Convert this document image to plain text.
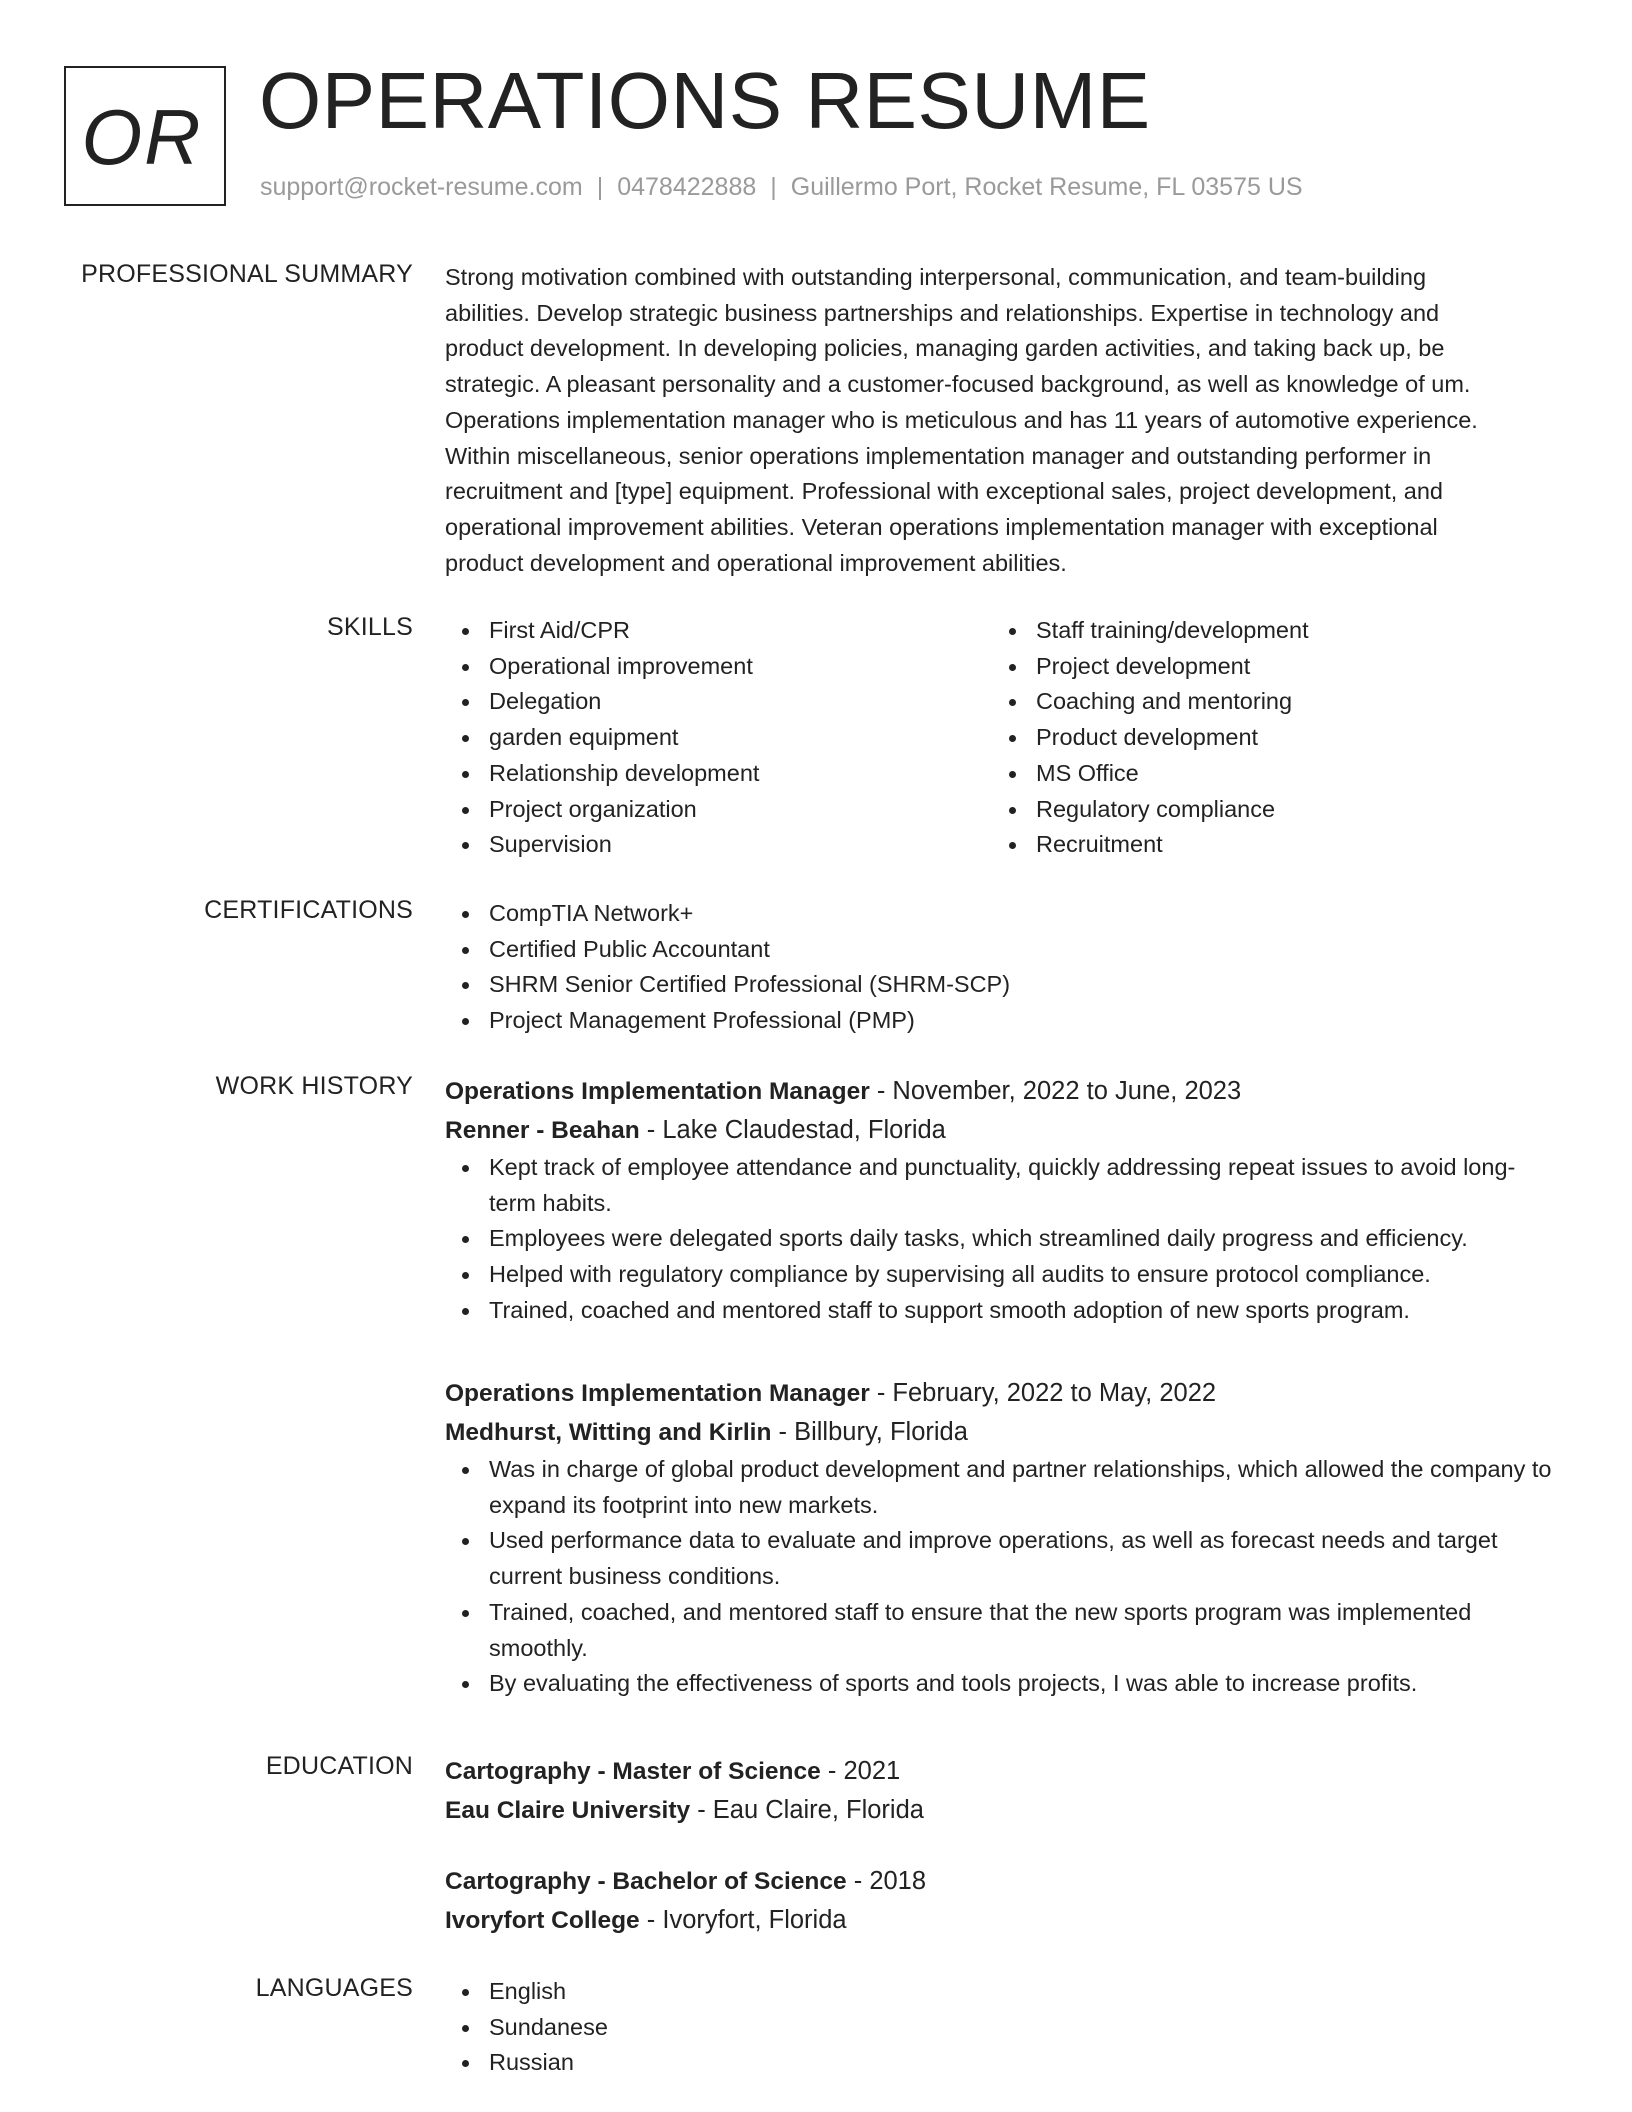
OR OPERATIONS RESUME
support@rocket-resume.com | 0478422888 | Guillermo Port, Rocket Resume, FL 03575 US
PROFESSIONAL SUMMARY Strong motivation combined with outstanding interpersonal, communication, and team-building
abilities. Develop strategic business partnerships and relationships. Expertise in technology and
product development. In developing policies, managing garden activities, and taking back up, be
strategic. A pleasant personality and a customer-focused background, as well as knowledge of um.
Operations implementation manager who is meticulous and has 11 years of automotive experience.
Within miscellaneous, senior operations implementation manager and outstanding performer in
recruitment and [type] equipment. Professional with exceptional sales, project development, and
operational improvement abilities. Veteran operations implementation manager with exceptional
product development and operational improvement abilities.
SKILLS	First Aid/CPR
Operational improvement
Delegation
garden equipment
Relationship development
Project organization
Supervision
Staff training/development
Project development
Coaching and mentoring
Product development
MS Office
Regulatory compliance
Recruitment
CERTIFICATIONS	CompTIA Network+
Certified Public Accountant
SHRM Senior Certified Professional (SHRM-SCP)
Project Management Professional (PMP)
WORK HISTORY Operations Implementation Manager - November, 2022 to June, 2023
Renner - Beahan - Lake Claudestad, Florida
Kept track of employee attendance and punctuality, quickly addressing repeat issues to avoid long-term habits.
Employees were delegated sports daily tasks, which streamlined daily progress and efficiency.
Helped with regulatory compliance by supervising all audits to ensure protocol compliance.
Trained, coached and mentored staff to support smooth adoption of new sports program.
Operations Implementation Manager - February, 2022 to May, 2022
Medhurst, Witting and Kirlin - Billbury, Florida
Was in charge of global product development and partner relationships, which allowed the company to expand its footprint into new markets.
Used performance data to evaluate and improve operations, as well as forecast needs and target current business conditions.
Trained, coached, and mentored staff to ensure that the new sports program was implemented smoothly.
By evaluating the effectiveness of sports and tools projects, I was able to increase profits.
EDUCATION Cartography - Master of Science - 2021
Eau Claire University - Eau Claire, Florida
Cartography - Bachelor of Science - 2018
Ivoryfort College - Ivoryfort, Florida
LANGUAGES	English
Sundanese
Russian
